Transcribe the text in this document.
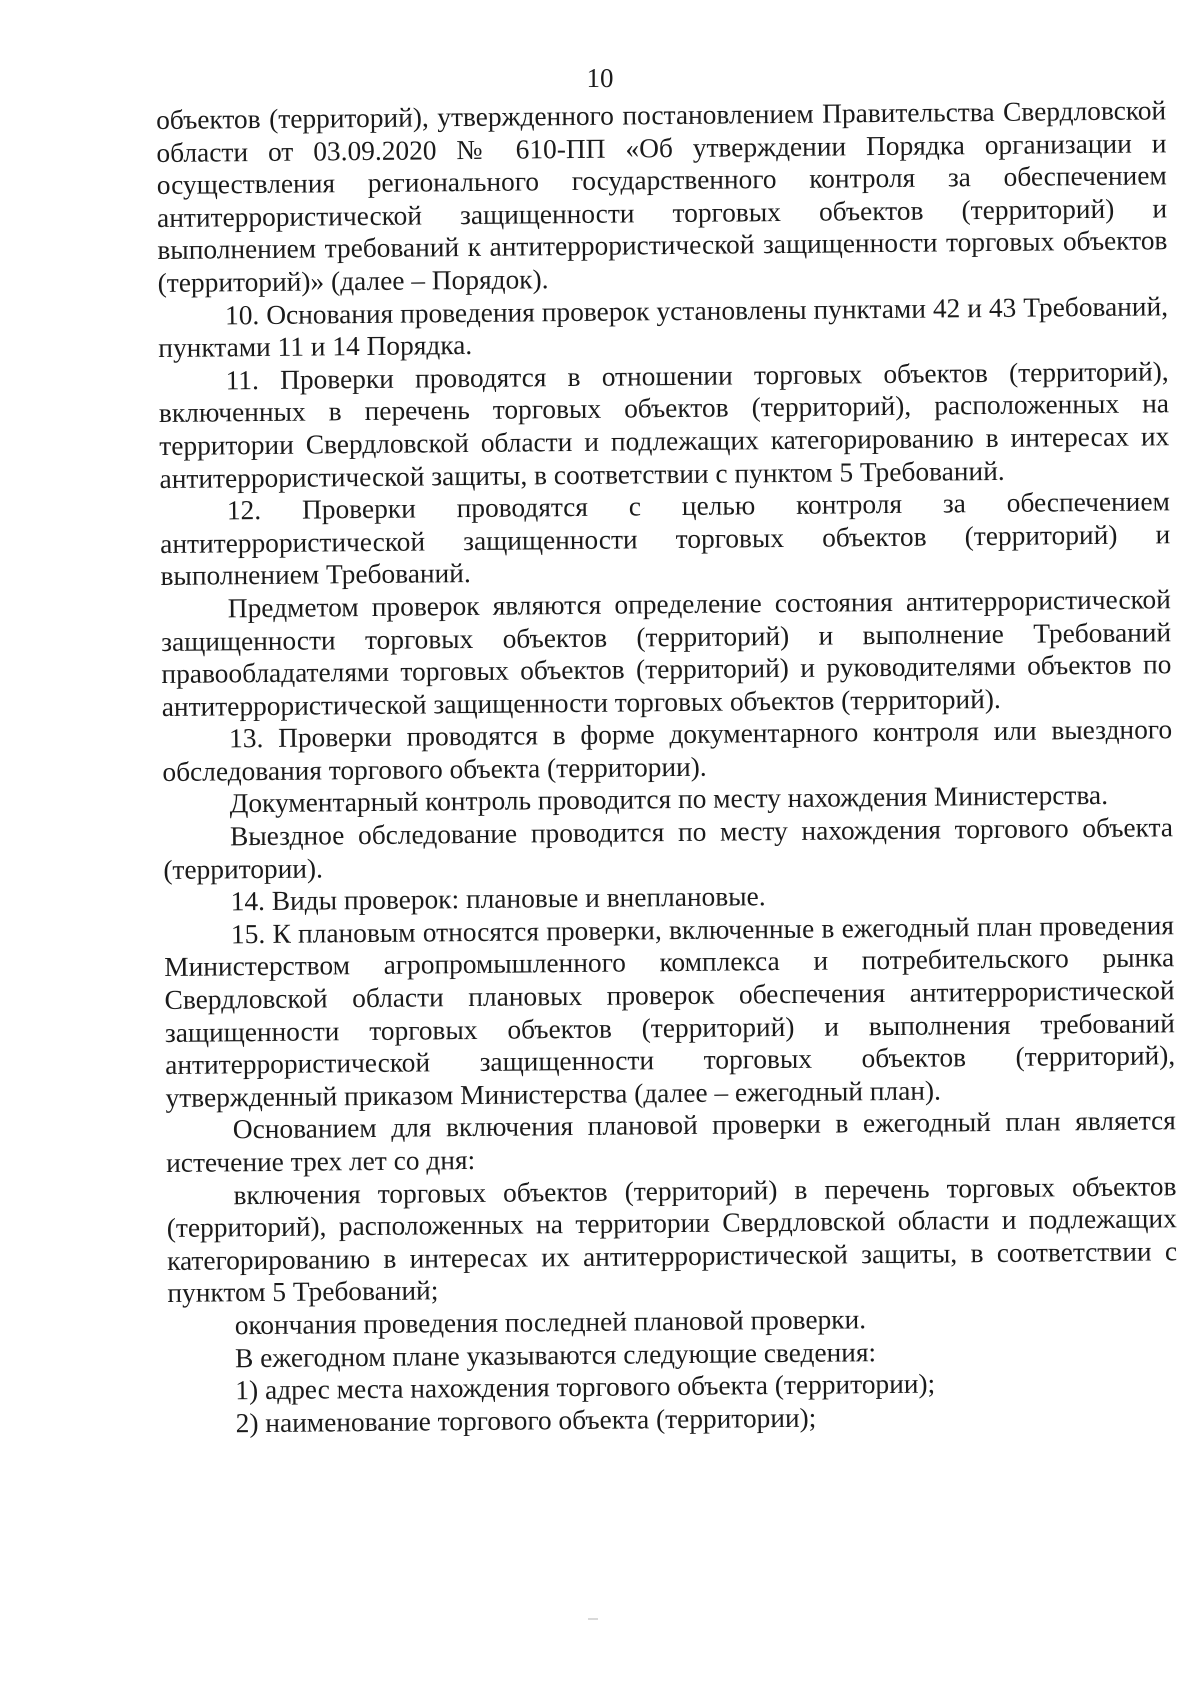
10

объектов (территорий), утвержденного постановлением Правительства Свердловской области от 03.09.2020 № 610-ПП «Об утверждении Порядка организации и осуществления регионального государственного контроля за обеспечением антитеррористической защищенности торговых объектов (территорий) и выполнением требований к антитеррористической защищенности торговых объектов (территорий)» (далее – Порядок).

10. Основания проведения проверок установлены пунктами 42 и 43 Требований, пунктами 11 и 14 Порядка.

11. Проверки проводятся в отношении торговых объектов (территорий), включенных в перечень торговых объектов (территорий), расположенных на территории Свердловской области и подлежащих категорированию в интересах их антитеррористической защиты, в соответствии с пунктом 5 Требований.

12. Проверки проводятся с целью контроля за обеспечением антитеррористической защищенности торговых объектов (территорий) и выполнением Требований.

Предметом проверок являются определение состояния антитеррористической защищенности торговых объектов (территорий) и выполнение Требований правообладателями торговых объектов (территорий) и руководителями объектов по антитеррористической защищенности торговых объектов (территорий).

13. Проверки проводятся в форме документарного контроля или выездного обследования торгового объекта (территории).

Документарный контроль проводится по месту нахождения Министерства.

Выездное обследование проводится по месту нахождения торгового объекта (территории).

14. Виды проверок: плановые и внеплановые.

15. К плановым относятся проверки, включенные в ежегодный план проведения Министерством агропромышленного комплекса и потребительского рынка Свердловской области плановых проверок обеспечения антитеррористической защищенности торговых объектов (территорий) и выполнения требований антитеррористической защищенности торговых объектов (территорий), утвержденный приказом Министерства (далее – ежегодный план).

Основанием для включения плановой проверки в ежегодный план является истечение трех лет со дня:

включения торговых объектов (территорий) в перечень торговых объектов (территорий), расположенных на территории Свердловской области и подлежащих категорированию в интересах их антитеррористической защиты, в соответствии с пунктом 5 Требований;

окончания проведения последней плановой проверки.

В ежегодном плане указываются следующие сведения:

1) адрес места нахождения торгового объекта (территории);

2) наименование торгового объекта (территории);
